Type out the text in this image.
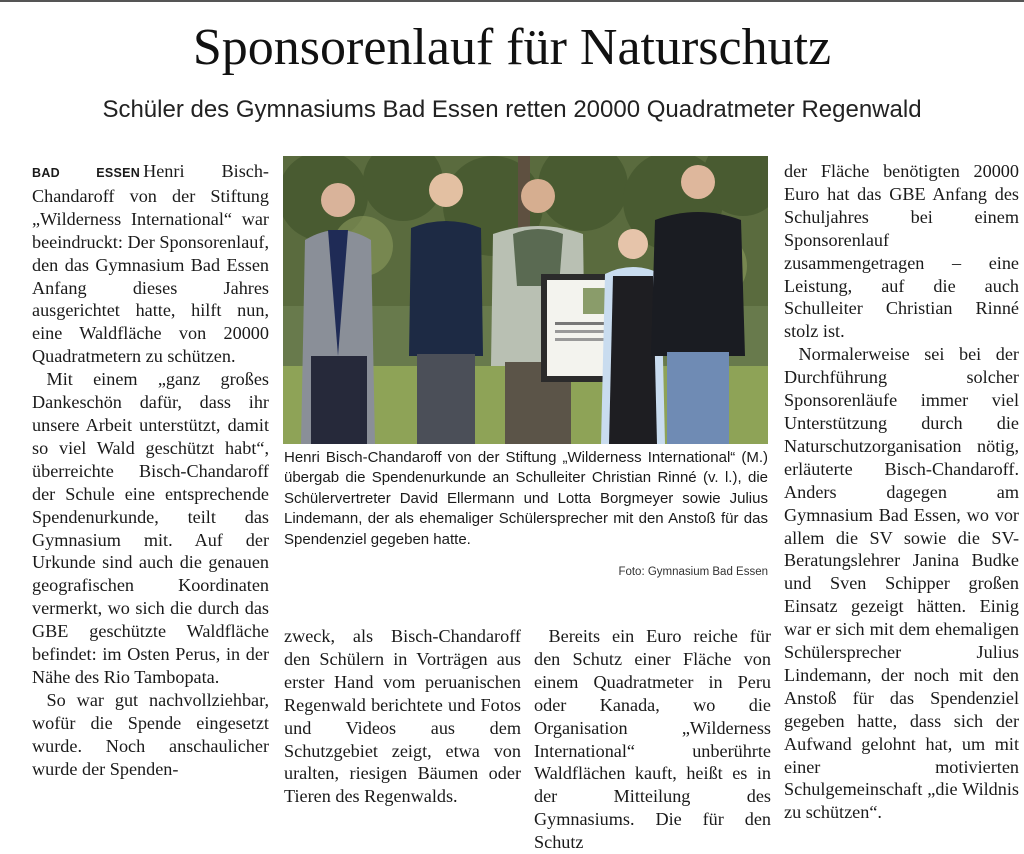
Sponsorenlauf für Naturschutz
Schüler des Gymnasiums Bad Essen retten 20000 Quadratmeter Regenwald

BAD ESSEN Henri Bisch-Chandaroff von der Stiftung „Wilderness International“ war beeindruckt: Der Sponsorenlauf, den das Gymnasium Bad Essen Anfang dieses Jahres ausgerichtet hatte, hilft nun, eine Waldfläche von 20000 Quadratmetern zu schützen.

Mit einem „ganz großes Dankeschön dafür, dass ihr unsere Arbeit unterstützt, damit so viel Wald geschützt habt“, überreichte Bisch-Chandaroff der Schule eine entsprechende Spendenurkunde, teilt das Gymnasium mit. Auf der Urkunde sind auch die genauen geografischen Koordinaten vermerkt, wo sich die durch das GBE geschützte Waldfläche befindet: im Osten Perus, in der Nähe des Rio Tambopata.

So war gut nachvollziehbar, wofür die Spende eingesetzt wurde. Noch anschaulicher wurde der Spenden-

Henri Bisch-Chandaroff von der Stiftung „Wilderness International“ (M.) übergab die Spendenurkunde an Schulleiter Christian Rinné (v. l.), die Schülervertreter David Ellermann und Lotta Borgmeyer sowie Julius Lindemann, der als ehemaliger Schülersprecher mit den Anstoß für das Spendenziel gegeben hatte.
Foto: Gymnasium Bad Essen

zweck, als Bisch-Chandaroff den Schülern in Vorträgen aus erster Hand vom peruanischen Regenwald berichtete und Fotos und Videos aus dem Schutzgebiet zeigt, etwa von uralten, riesigen Bäumen oder Tieren des Regenwalds.

Bereits ein Euro reiche für den Schutz einer Fläche von einem Quadratmeter in Peru oder Kanada, wo die Organisation „Wilderness International“ unberührte Waldflächen kauft, heißt es in der Mitteilung des Gymnasiums. Die für den Schutz

der Fläche benötigten 20000 Euro hat das GBE Anfang des Schuljahres bei einem Sponsorenlauf zusammengetragen – eine Leistung, auf die auch Schulleiter Christian Rinné stolz ist.

Normalerweise sei bei der Durchführung solcher Sponsorenläufe immer viel Unterstützung durch die Naturschutzorganisation nötig, erläuterte Bisch-Chandaroff. Anders dagegen am Gymnasium Bad Essen, wo vor allem die SV sowie die SV-Beratungslehrer Janina Budke und Sven Schipper großen Einsatz gezeigt hätten. Einig war er sich mit dem ehemaligen Schülersprecher Julius Lindemann, der noch mit den Anstoß für das Spendenziel gegeben hatte, dass sich der Aufwand gelohnt hat, um mit einer motivierten Schulgemeinschaft „die Wildnis zu schützen“.
